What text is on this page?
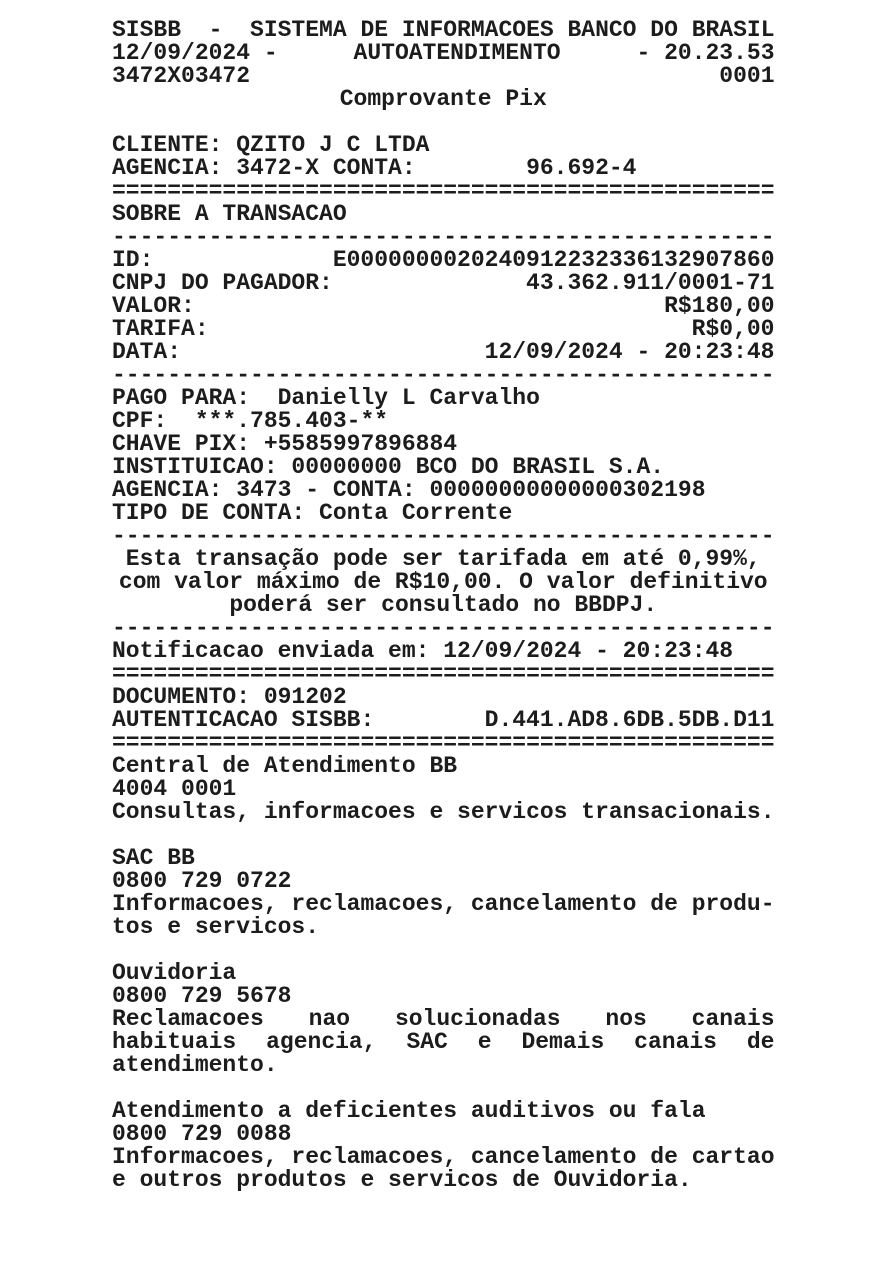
SISBB  -  SISTEMA DE INFORMACOES BANCO DO BRASIL
12/09/2024 -	AUTOATENDIMENTO	- 20.23.53
3472X03472	0001
Comprovante Pix
CLIENTE: QZITO J C LTDA
AGENCIA: 3472-X CONTA:        96.692-4
================================================
SOBRE A TRANSACAO
------------------------------------------------
ID:	E0000000020240912232336132907860
CNPJ DO PAGADOR:	43.362.911/0001-71
VALOR:	R$180,00
TARIFA:	R$0,00
DATA:	12/09/2024 - 20:23:48
------------------------------------------------
PAGO PARA:  Danielly L Carvalho
CPF:  ***.785.403-**
CHAVE PIX: +5585997896884
INSTITUICAO: 00000000 BCO DO BRASIL S.A.
AGENCIA: 3473 - CONTA: 00000000000000302198
TIPO DE CONTA: Conta Corrente
------------------------------------------------
Esta transação pode ser tarifada em até 0,99%,
com valor máximo de R$10,00. O valor definitivo
poderá ser consultado no BBDPJ.
------------------------------------------------
Notificacao enviada em: 12/09/2024 - 20:23:48
================================================
DOCUMENTO: 091202
AUTENTICACAO SISBB:	D.441.AD8.6DB.5DB.D11
================================================
Central de Atendimento BB
4004 0001
Consultas, informacoes e servicos transacionais.
SAC BB
0800 729 0722
Informacoes, reclamacoes, cancelamento de produ-
tos e servicos.
Ouvidoria
0800 729 5678
Reclamacoes nao solucionadas nos canais
habituais agencia, SAC e Demais canais de
atendimento.
Atendimento a deficientes auditivos ou fala
0800 729 0088
Informacoes, reclamacoes, cancelamento de cartao
e outros produtos e servicos de Ouvidoria.
